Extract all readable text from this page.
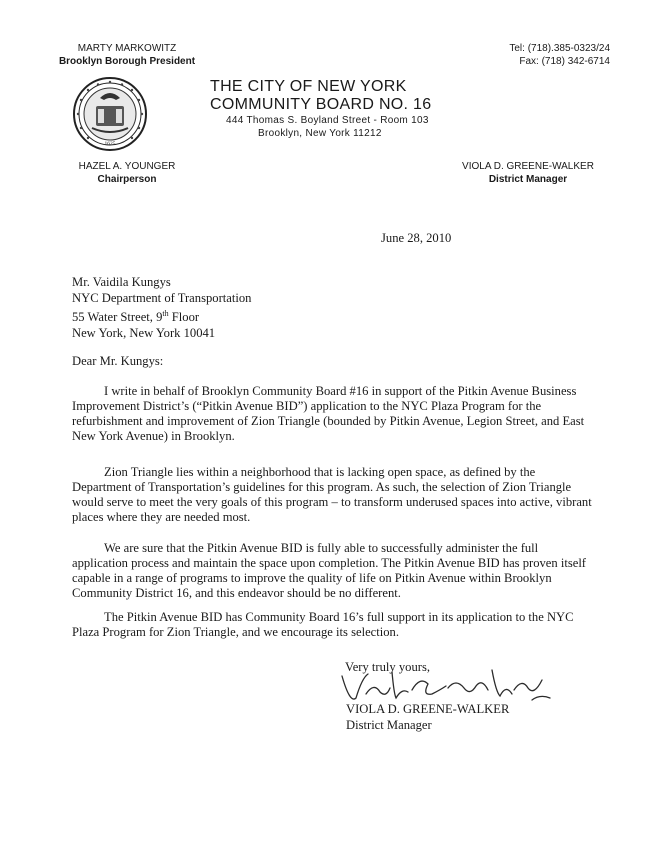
MARTY MARKOWITZ
Brooklyn Borough President
1625
HAZEL A. YOUNGER
Chairperson
THE CITY OF NEW YORK
COMMUNITY BOARD NO. 16
444 Thomas S. Boyland Street - Room 103
Brooklyn, New York 11212
Tel: (718).385-0323/24
Fax: (718) 342-6714
VIOLA D. GREENE-WALKER
District Manager
June 28, 2010
Mr. Vaidila Kungys
NYC Department of Transportation
55 Water Street, 9th Floor
New York, New York 10041
Dear Mr. Kungys:

I write in behalf of Brooklyn Community Board #16 in support of the Pitkin Avenue Business Improvement District’s (“Pitkin Avenue BID”) application to the NYC Plaza Program for the refurbishment and improvement of Zion Triangle (bounded by Pitkin Avenue, Legion Street, and East New York Avenue) in Brooklyn.

Zion Triangle lies within a neighborhood that is lacking open space, as defined by the Department of Transportation’s guidelines for this program. As such, the selection of Zion Triangle would serve to meet the very goals of this program – to transform underused spaces into active, vibrant places where they are needed most.

We are sure that the Pitkin Avenue BID is fully able to successfully administer the full application process and maintain the space upon completion. The Pitkin Avenue BID has proven itself capable in a range of programs to improve the quality of life on Pitkin Avenue within Brooklyn Community District 16, and this endeavor should be no different.

The Pitkin Avenue BID has Community Board 16’s full support in its application to the NYC Plaza Program for Zion Triangle, and we encourage its selection.

Very truly yours,
VIOLA D. GREENE-WALKER
District Manager
